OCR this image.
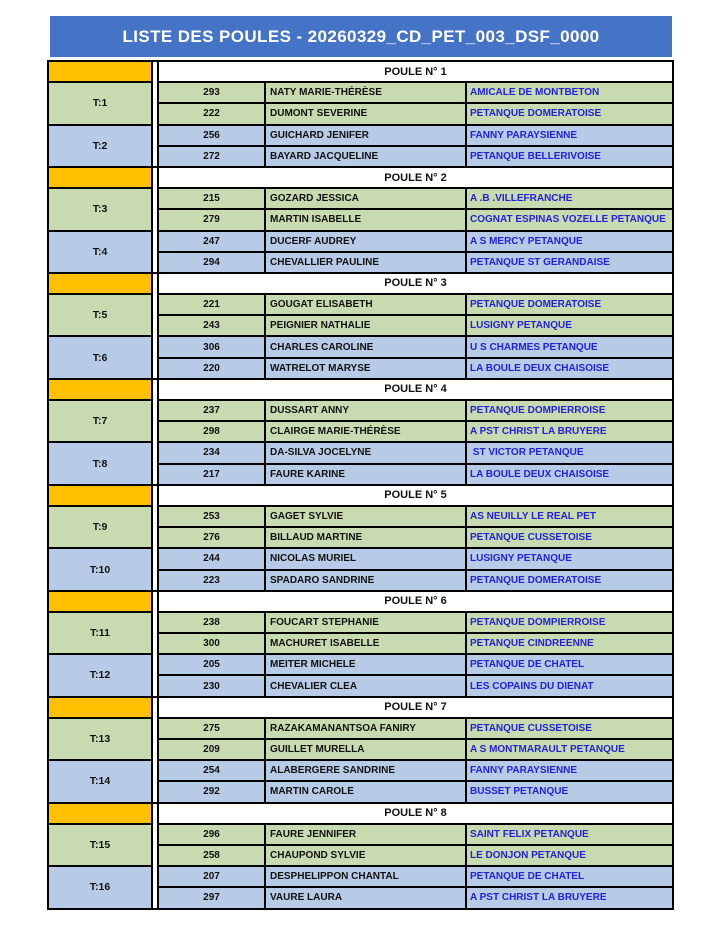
LISTE DES POULES - 20260329_CD_PET_003_DSF_0000
POULE N° 1
T:1
293	NATY MARIE-THÉRÈSE	AMICALE DE MONTBETON
222	DUMONT SEVERINE	PETANQUE DOMERATOISE
T:2
256	GUICHARD JENIFER	FANNY PARAYSIENNE
272	BAYARD JACQUELINE	PETANQUE BELLERIVOISE
POULE N° 2
T:3
215	GOZARD JESSICA	A .B .VILLEFRANCHE
279	MARTIN ISABELLE	COGNAT ESPINAS VOZELLE PETANQUE
T:4
247	DUCERF AUDREY	A S MERCY PETANQUE
294	CHEVALLIER PAULINE	PETANQUE ST GERANDAISE
POULE N° 3
T:5
221	GOUGAT ELISABETH	PETANQUE DOMERATOISE
243	PEIGNIER NATHALIE	LUSIGNY PETANQUE
T:6
306	CHARLES CAROLINE	U S CHARMES PETANQUE
220	WATRELOT MARYSE	LA BOULE DEUX CHAISOISE
POULE N° 4
T:7
237	DUSSART ANNY	PETANQUE DOMPIERROISE
298	CLAIRGE MARIE-THÉRÈSE	A PST CHRIST LA BRUYERE
T:8
234	DA-SILVA JOCELYNE	ST VICTOR PETANQUE
217	FAURE KARINE	LA BOULE DEUX CHAISOISE
POULE N° 5
T:9
253	GAGET SYLVIE	AS NEUILLY LE REAL PET
276	BILLAUD MARTINE	PETANQUE CUSSETOISE
T:10
244	NICOLAS MURIEL	LUSIGNY PETANQUE
223	SPADARO SANDRINE	PETANQUE DOMERATOISE
POULE N° 6
T:11
238	FOUCART STEPHANIE	PETANQUE DOMPIERROISE
300	MACHURET ISABELLE	PETANQUE CINDREENNE
T:12
205	MEITER MICHELE	PETANQUE DE CHATEL
230	CHEVALIER CLEA	LES COPAINS DU DIENAT
POULE N° 7
T:13
275	RAZAKAMANANTSOA FANIRY	PETANQUE CUSSETOISE
209	GUILLET MURELLA	A S MONTMARAULT PETANQUE
T:14
254	ALABERGERE SANDRINE	FANNY PARAYSIENNE
292	MARTIN CAROLE	BUSSET PETANQUE
POULE N° 8
T:15
296	FAURE JENNIFER	SAINT FELIX PETANQUE
258	CHAUPOND SYLVIE	LE DONJON PETANQUE
T:16
207	DESPHELIPPON CHANTAL	PETANQUE DE CHATEL
297	VAURE LAURA	A PST CHRIST LA BRUYERE
